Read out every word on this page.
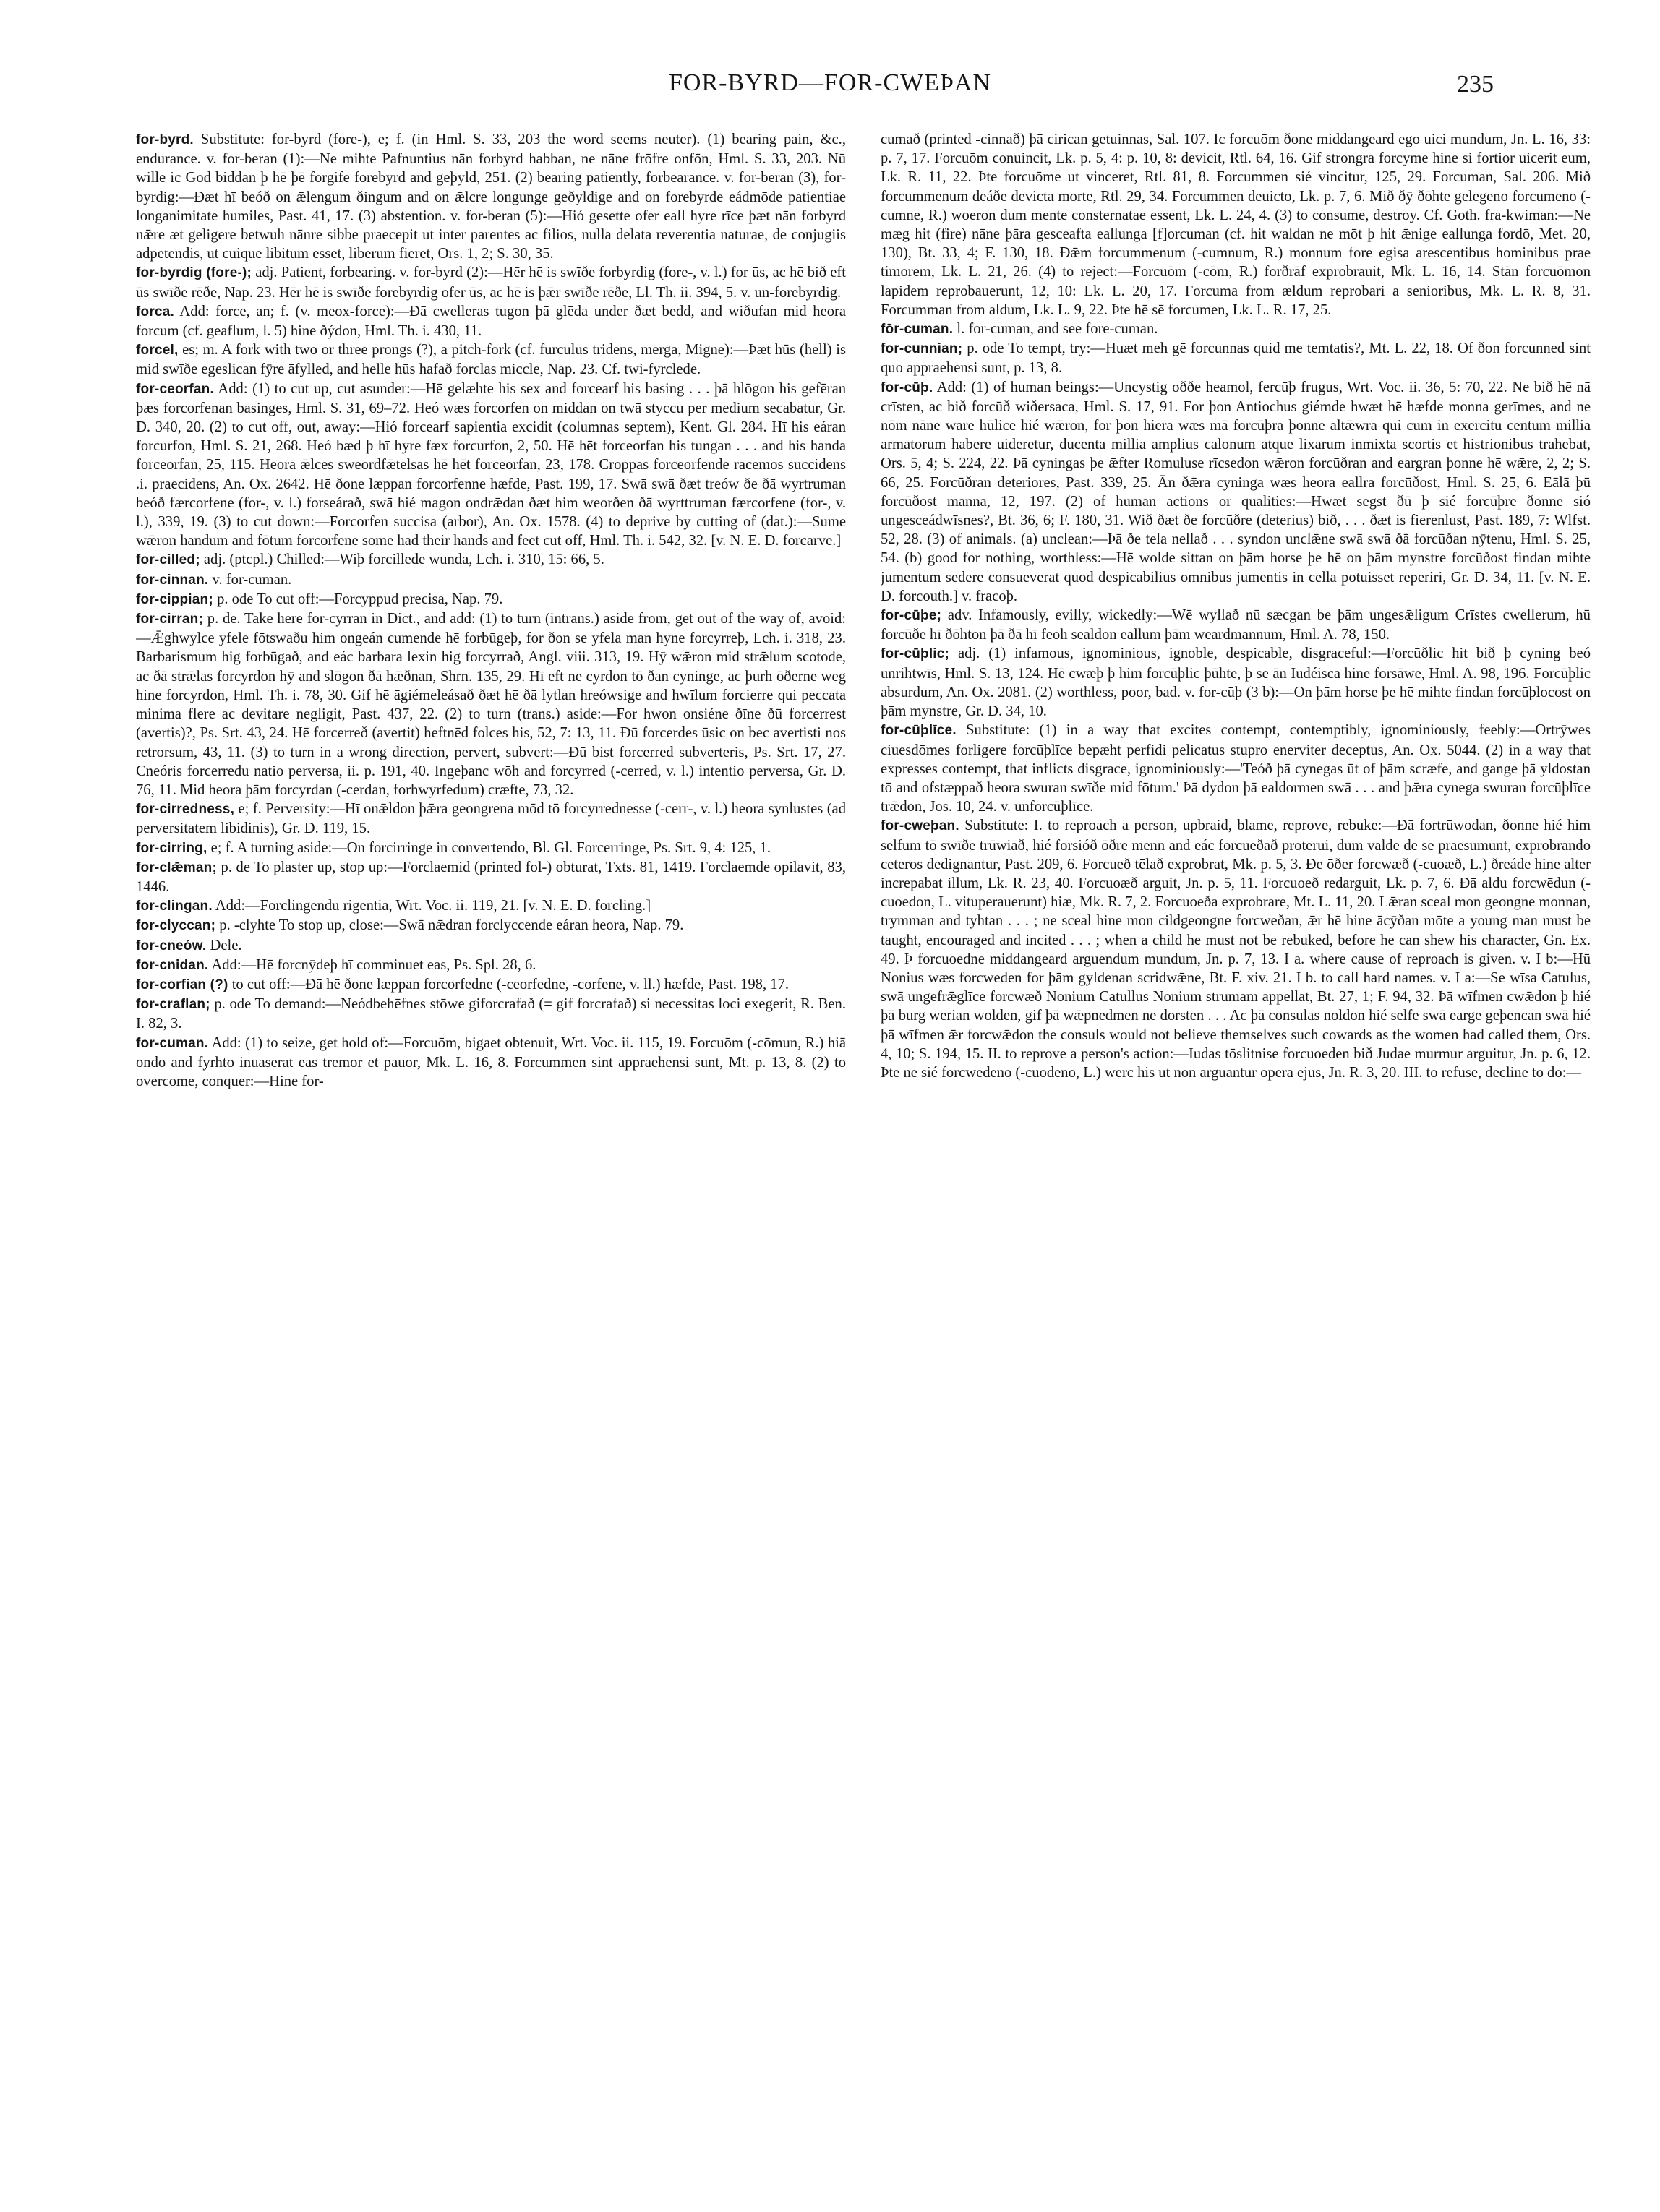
FOR-BYRD—FOR-CWEÞAN	235

for-byrd. Substitute: for-byrd (fore-), e; f. (in Hml. S. 33, 203 the word seems neuter). (1) bearing pain, &c., endurance. v. for-beran (1):—Ne mihte Pafnuntius nān forbyrd habban, ne nāne frōfre onfōn, Hml. S. 33, 203. Nū wille ic God biddan þ hē þē forgife forebyrd and geþyld, 251. (2) bearing patiently, forbearance. v. for-beran (3), for-byrdig:—Ðæt hī beóð on ǣlengum ðingum and on ǣlcre longunge geðyldige and on forebyrde eádmōde patientiae longanimitate humiles, Past. 41, 17. (3) abstention. v. for-beran (5):—Hió gesette ofer eall hyre rīce þæt nān forbyrd nǣre æt geligere betwuh nānre sibbe praecepit ut inter parentes ac filios, nulla delata reverentia naturae, de conjugiis adpetendis, ut cuique libitum esset, liberum fieret, Ors. 1, 2; S. 30, 35.

for-byrdig (fore-); adj. Patient, forbearing. v. for-byrd (2):—Hēr hē is swīðe forbyrdig (fore-, v. l.) for ūs, ac hē bið eft ūs swīðe rēðe, Nap. 23. Hēr hē is swīðe forebyrdig ofer ūs, ac hē is þǣr swīðe rēðe, Ll. Th. ii. 394, 5. v. un-forebyrdig.

forca. Add: force, an; f. (v. meox-force):—Ðā cwelleras tugon þā glēda under ðæt bedd, and wiðufan mid heora forcum (cf. geaflum, l. 5) hine ðýdon, Hml. Th. i. 430, 11.

forcel, es; m. A fork with two or three prongs (?), a pitch-fork (cf. furculus tridens, merga, Migne):—Þæt hūs (hell) is mid swīðe egeslican fȳre āfylled, and helle hūs hafað forclas miccle, Nap. 23. Cf. twi-fyrclede.

for-ceorfan. Add: (1) to cut up, cut asunder:—Hē gelæhte his sex and forcearf his basing . . . þā hlōgon his gefēran þæs forcorfenan basinges, Hml. S. 31, 69–72. Heó wæs forcorfen on middan on twā styccu per medium secabatur, Gr. D. 340, 20. (2) to cut off, out, away:—Hió forcearf sapientia excidit (columnas septem), Kent. Gl. 284. Hī his eáran forcurfon, Hml. S. 21, 268. Heó bæd þ hī hyre fæx forcurfon, 2, 50. Hē hēt forceorfan his tungan . . . and his handa forceorfan, 25, 115. Heora ǣlces sweordfǣtelsas hē hēt forceorfan, 23, 178. Croppas forceorfende racemos succidens .i. praecidens, An. Ox. 2642. Hē ðone læppan forcorfenne hæfde, Past. 199, 17. Swā swā ðæt treów ðe ðā wyrtruman beóð færcorfene (for-, v. l.) forseárað, swā hié magon ondrǣdan ðæt him weorðen ðā wyrttruman færcorfene (for-, v. l.), 339, 19. (3) to cut down:—Forcorfen succisa (arbor), An. Ox. 1578. (4) to deprive by cutting of (dat.):—Sume wǣron handum and fōtum forcorfene some had their hands and feet cut off, Hml. Th. i. 542, 32. [v. N. E. D. forcarve.]

for-cilled; adj. (ptcpl.) Chilled:—Wiþ forcillede wunda, Lch. i. 310, 15: 66, 5.

for-cinnan. v. for-cuman.

for-cippian; p. ode To cut off:—Forcyppud precisa, Nap. 79.

for-cirran; p. de. Take here for-cyrran in Dict., and add: (1) to turn (intrans.) aside from, get out of the way of, avoid:—Ǣghwylce yfele fōtswaðu him ongeán cumende hē forbūgeþ, for ðon se yfela man hyne forcyrreþ, Lch. i. 318, 23. Barbarismum hig forbūgað, and eác barbara lexin hig forcyrrað, Angl. viii. 313, 19. Hȳ wǣron mid strǣlum scotode, ac ðā strǣlas forcyrdon hȳ and slōgon ðā hǣðnan, Shrn. 135, 29. Hī eft ne cyrdon tō ðan cyninge, ac þurh ōðerne weg hine forcyrdon, Hml. Th. i. 78, 30. Gif hē āgiémeleásað ðæt hē ðā lytlan hreówsige and hwīlum forcierre qui peccata minima flere ac devitare negligit, Past. 437, 22. (2) to turn (trans.) aside:—For hwon onsiéne ðīne ðū forcerrest (avertis)?, Ps. Srt. 43, 24. Hē forcerreð (avertit) heftnēd folces his, 52, 7: 13, 11. Ðū forcerdes ūsic on bec avertisti nos retrorsum, 43, 11. (3) to turn in a wrong direction, pervert, subvert:—Ðū bist forcerred subverteris, Ps. Srt. 17, 27. Cneóris forcerredu natio perversa, ii. p. 191, 40. Ingeþanc wōh and forcyrred (-cerred, v. l.) intentio perversa, Gr. D. 76, 11. Mid heora þām forcyrdan (-cerdan, forhwyrfedum) cræfte, 73, 32.

for-cirredness, e; f. Perversity:—Hī onǣldon þǣra geongrena mōd tō forcyrrednesse (-cerr-, v. l.) heora synlustes (ad perversitatem libidinis), Gr. D. 119, 15.

for-cirring, e; f. A turning aside:—On forcirringe in convertendo, Bl. Gl. Forcerringe, Ps. Srt. 9, 4: 125, 1.

for-clǣman; p. de To plaster up, stop up:—Forclaemid (printed fol-) obturat, Txts. 81, 1419. Forclaemde opilavit, 83, 1446.

for-clingan. Add:—Forclingendu rigentia, Wrt. Voc. ii. 119, 21. [v. N. E. D. forcling.]

for-clyccan; p. -clyhte To stop up, close:—Swā nǣdran forclyccende eáran heora, Nap. 79.

for-cneów. Dele.

for-cnidan. Add:—Hē forcnȳdeþ hī comminuet eas, Ps. Spl. 28, 6.

for-corfian (?) to cut off:—Ðā hē ðone læppan forcorfedne (-ceorfedne, -corfene, v. ll.) hæfde, Past. 198, 17.

for-craflan; p. ode To demand:—Neódbehēfnes stōwe giforcrafað (= gif forcrafað) si necessitas loci exegerit, R. Ben. I. 82, 3.

for-cuman. Add: (1) to seize, get hold of:—Forcuōm, bigaet obtenuit, Wrt. Voc. ii. 115, 19. Forcuōm (-cōmun, R.) hiā ondo and fyrhto inuaserat eas tremor et pauor, Mk. L. 16, 8. Forcummen sint appraehensi sunt, Mt. p. 13, 8. (2) to overcome, conquer:—Hine for-

cumað (printed -cinnað) þā cirican getuinnas, Sal. 107. Ic forcuōm ðone middangeard ego uici mundum, Jn. L. 16, 33: p. 7, 17. Forcuōm conuincit, Lk. p. 5, 4: p. 10, 8: devicit, Rtl. 64, 16. Gif strongra forcyme hine si fortior uicerit eum, Lk. R. 11, 22. Þte forcuōme ut vinceret, Rtl. 81, 8. Forcummen sié vincitur, 125, 29. Forcuman, Sal. 206. Mið forcummenum deáðe devicta morte, Rtl. 29, 34. Forcummen deuicto, Lk. p. 7, 6. Mið ðȳ ðōhte gelegeno forcumeno (-cumne, R.) woeron dum mente consternatae essent, Lk. L. 24, 4. (3) to consume, destroy. Cf. Goth. fra-kwiman:—Ne mæg hit (fire) nāne þāra gesceafta eallunga [f]orcuman (cf. hit waldan ne mōt þ hit ǣnige eallunga fordō, Met. 20, 130), Bt. 33, 4; F. 130, 18. Ðǣm forcummenum (-cumnum, R.) monnum fore egisa arescentibus hominibus prae timorem, Lk. L. 21, 26. (4) to reject:—Forcuōm (-cōm, R.) forðrāf exprobrauit, Mk. L. 16, 14. Stān forcuōmon lapidem reprobauerunt, 12, 10: Lk. L. 20, 17. Forcuma from ældum reprobari a senioribus, Mk. L. R. 8, 31. Forcumman from aldum, Lk. L. 9, 22. Þte hē sē forcumen, Lk. L. R. 17, 25.

fōr-cuman. l. for-cuman, and see fore-cuman.

for-cunnian; p. ode To tempt, try:—Huæt meh gē forcunnas quid me temtatis?, Mt. L. 22, 18. Of ðon forcunned sint quo appraehensi sunt, p. 13, 8.

for-cūþ. Add: (1) of human beings:—Uncystig oððe heamol, fercūþ frugus, Wrt. Voc. ii. 36, 5: 70, 22. Ne bið hē nā crīsten, ac bið forcūð wiðersaca, Hml. S. 17, 91. For þon Antiochus giémde hwæt hē hæfde monna gerīmes, and ne nōm nāne ware hūlice hié wǣron, for þon hiera wæs mā forcūþra þonne altǣwra qui cum in exercitu centum millia armatorum habere uideretur, ducenta millia amplius calonum atque lixarum inmixta scortis et histrionibus trahebat, Ors. 5, 4; S. 224, 22. Þā cyningas þe ǣfter Romuluse rīcsedon wǣron forcūðran and eargran þonne hē wǣre, 2, 2; S. 66, 25. Forcūðran deteriores, Past. 339, 25. Ān ðǣra cyninga wæs heora eallra forcūðost, Hml. S. 25, 6. Eālā þū forcūðost manna, 12, 197. (2) of human actions or qualities:—Hwæt segst ðū þ sié forcūþre ðonne sió ungesceádwīsnes?, Bt. 36, 6; F. 180, 31. Wið ðæt ðe forcūðre (deterius) bið, . . . ðæt is fierenlust, Past. 189, 7: Wlfst. 52, 28. (3) of animals. (a) unclean:—Þā ðe tela nellað . . . syndon unclǣne swā swā ðā forcūðan nȳtenu, Hml. S. 25, 54. (b) good for nothing, worthless:—Hē wolde sittan on þām horse þe hē on þām mynstre forcūðost findan mihte jumentum sedere consueverat quod despicabilius omnibus jumentis in cella potuisset reperiri, Gr. D. 34, 11. [v. N. E. D. forcouth.] v. fracoþ.

for-cūþe; adv. Infamously, evilly, wickedly:—Wē wyllað nū sæcgan be þām ungesǣligum Crīstes cwellerum, hū forcūðe hī ðōhton þā ðā hī feoh sealdon eallum þām weardmannum, Hml. A. 78, 150.

for-cūþlic; adj. (1) infamous, ignominious, ignoble, despicable, disgraceful:—Forcūðlic hit bið þ cyning beó unrihtwīs, Hml. S. 13, 124. Hē cwæþ þ him forcūþlic þūhte, þ se ān Iudéisca hine forsāwe, Hml. A. 98, 196. Forcūþlic absurdum, An. Ox. 2081. (2) worthless, poor, bad. v. for-cūþ (3 b):—On þām horse þe hē mihte findan forcūþlocost on þām mynstre, Gr. D. 34, 10.

for-cūþlīce. Substitute: (1) in a way that excites contempt, contemptibly, ignominiously, feebly:—Ortrȳwes ciuesdōmes forligere forcūþlīce bepæht perfidi pelicatus stupro enerviter deceptus, An. Ox. 5044. (2) in a way that expresses contempt, that inflicts disgrace, ignominiously:—'Teóð þā cynegas ūt of þām scræfe, and gange þā yldostan tō and ofstæppað heora swuran swīðe mid fōtum.' Þā dydon þā ealdormen swā . . . and þǣra cynega swuran forcūþlīce trǣdon, Jos. 10, 24. v. unforcūþlīce.

for-cweþan. Substitute: I. to reproach a person, upbraid, blame, reprove, rebuke:—Ðā fortrūwodan, ðonne hié him selfum tō swīðe trūwiað, hié forsióð ōðre menn and eác forcueðað proterui, dum valde de se praesumunt, exprobrando ceteros dedignantur, Past. 209, 6. Forcueð tēlað exprobrat, Mk. p. 5, 3. Ðe ōðer forcwæð (-cuoæð, L.) ðreáde hine alter increpabat illum, Lk. R. 23, 40. Forcuoæð arguit, Jn. p. 5, 11. Forcuoeð redarguit, Lk. p. 7, 6. Ðā aldu forcwēdun (-cuoedon, L. vituperauerunt) hiæ, Mk. R. 7, 2. Forcuoeða exprobrare, Mt. L. 11, 20. Lǣran sceal mon geongne monnan, trymman and tyhtan . . . ; ne sceal hine mon cildgeongne forcweðan, ǣr hē hine ācȳðan mōte a young man must be taught, encouraged and incited . . . ; when a child he must not be rebuked, before he can shew his character, Gn. Ex. 49. Þ forcuoedne middangeard arguendum mundum, Jn. p. 7, 13. I a. where cause of reproach is given. v. I b:—Hū Nonius wæs forcweden for þām gyldenan scridwǣne, Bt. F. xiv. 21. I b. to call hard names. v. I a:—Se wīsa Catulus, swā ungefrǣglīce forcwæð Nonium Catullus Nonium strumam appellat, Bt. 27, 1; F. 94, 32. Þā wīfmen cwǣdon þ hié þā burg werian wolden, gif þā wǣpnedmen ne dorsten . . . Ac þā consulas noldon hié selfe swā earge geþencan swā hié þā wīfmen ǣr forcwǣdon the consuls would not believe themselves such cowards as the women had called them, Ors. 4, 10; S. 194, 15. II. to reprove a person's action:—Iudas tōslitnise forcuoeden bið Judae murmur arguitur, Jn. p. 6, 12. Þte ne sié forcwedeno (-cuodeno, L.) werc his ut non arguantur opera ejus, Jn. R. 3, 20. III. to refuse, decline to do:—
